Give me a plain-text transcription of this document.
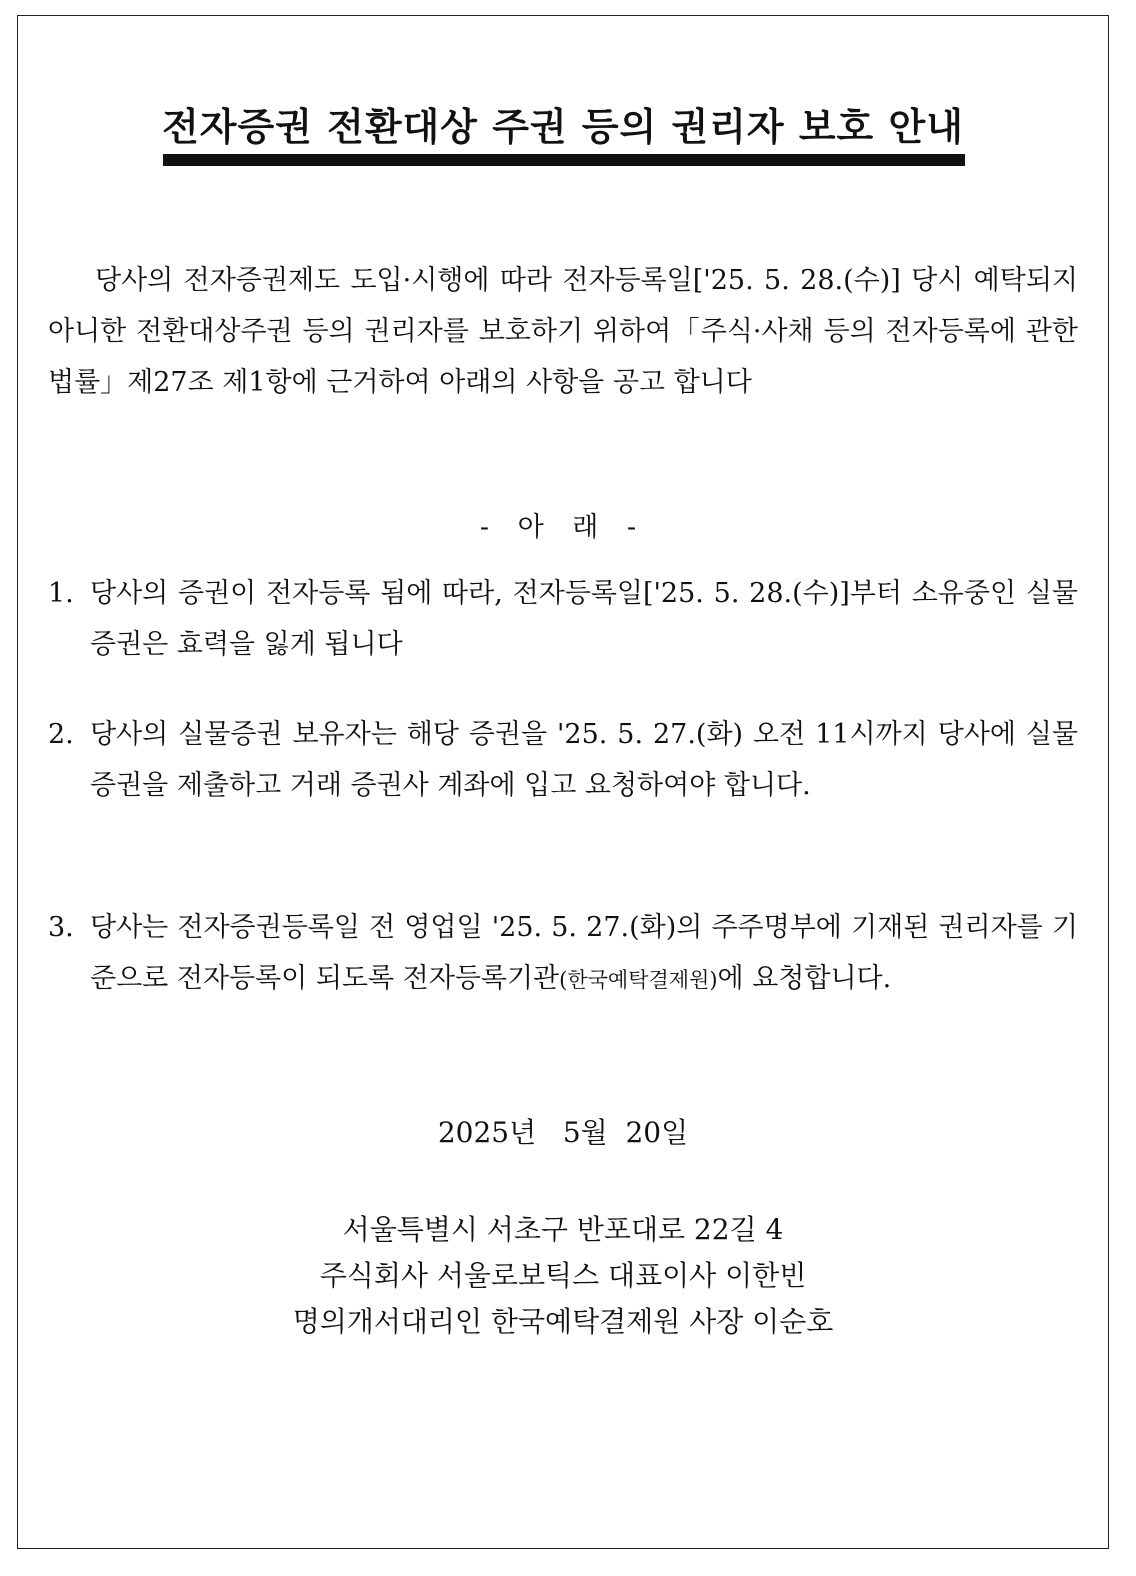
전자증권 전환대상 주권 등의 권리자 보호 안내
당사의 전자증권제도 도입·시행에 따라 전자등록일['25. 5. 28.(수)] 당시 예탁되지 아니한 전환대상주권 등의 권리자를 보호하기 위하여「주식·사채 등의 전자등록에 관한 법률」제27조 제1항에 근거하여 아래의 사항을 공고 합니다
- 아 래 -
1. 당사의 증권이 전자등록 됨에 따라, 전자등록일['25. 5. 28.(수)]부터 소유중인 실물증권은 효력을 잃게 됩니다
2. 당사의 실물증권 보유자는 해당 증권을 '25. 5. 27.(화) 오전 11시까지 당사에 실물증권을 제출하고 거래 증권사 계좌에 입고 요청하여야 합니다.
3. 당사는 전자증권등록일 전 영업일 '25. 5. 27.(화)의 주주명부에 기재된 권리자를 기준으로 전자등록이 되도록 전자등록기관(한국예탁결제원)에 요청합니다.
2025년   5월  20일
서울특별시 서초구 반포대로 22길 4
주식회사 서울로보틱스 대표이사 이한빈
명의개서대리인 한국예탁결제원 사장 이순호
